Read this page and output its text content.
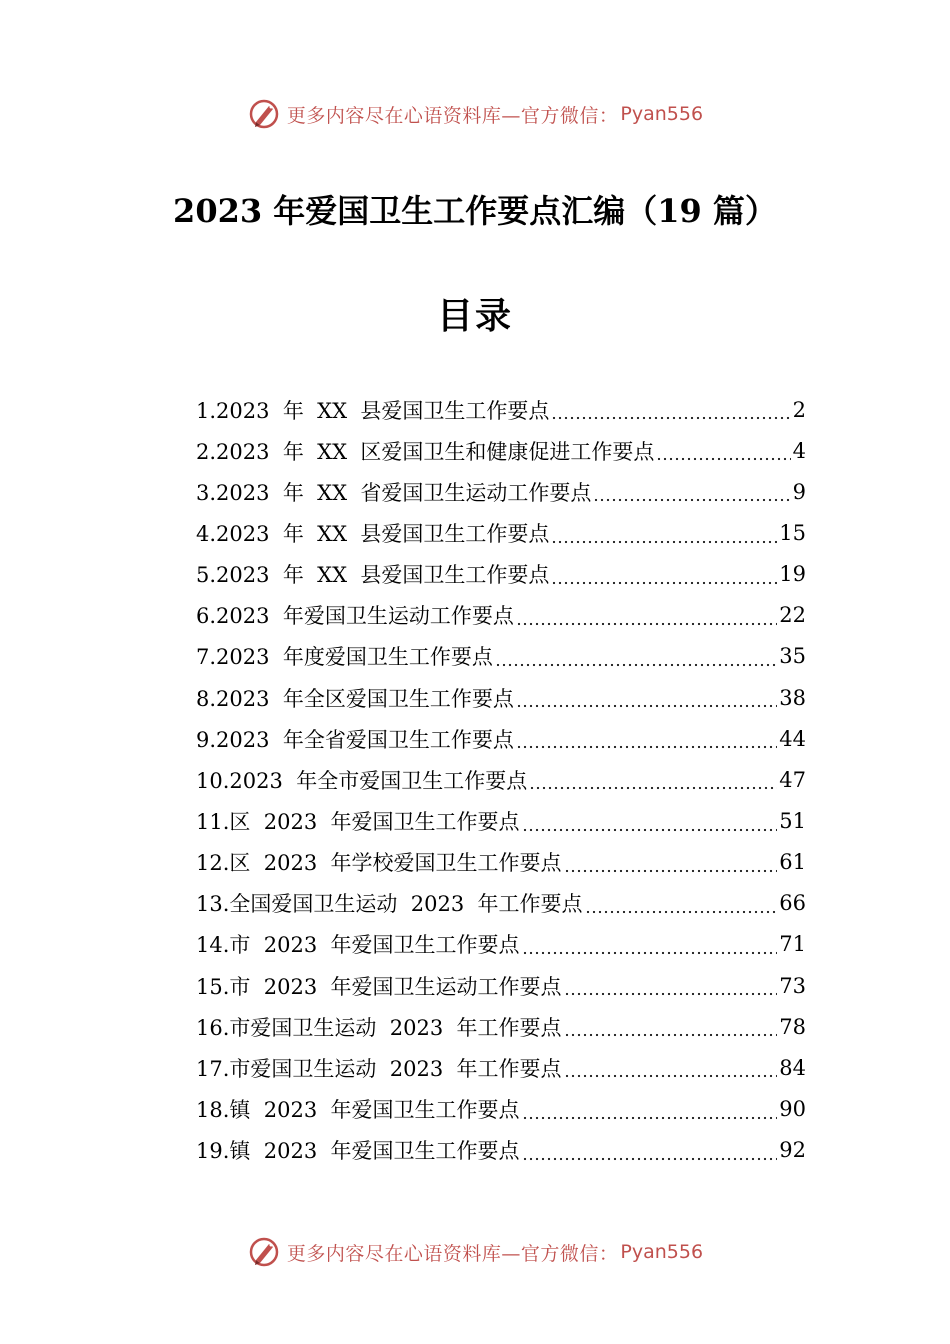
更多内容尽在心语资料库—官方微信： Pyan556
2023 年爱国卫生工作要点汇编（19 篇）
目录
1.2023  年  XX  县爱国卫生工作要点	2
2.2023  年  XX  区爱国卫生和健康促进工作要点	4
3.2023  年  XX  省爱国卫生运动工作要点	9
4.2023  年  XX  县爱国卫生工作要点	15
5.2023  年  XX  县爱国卫生工作要点	19
6.2023  年爱国卫生运动工作要点	22
7.2023  年度爱国卫生工作要点	35
8.2023  年全区爱国卫生工作要点	38
9.2023  年全省爱国卫生工作要点	44
10.2023  年全市爱国卫生工作要点	47
11.区  2023  年爱国卫生工作要点	51
12.区  2023  年学校爱国卫生工作要点	61
13.全国爱国卫生运动  2023  年工作要点	66
14.市  2023  年爱国卫生工作要点	71
15.市  2023  年爱国卫生运动工作要点	73
16.市爱国卫生运动  2023  年工作要点	78
17.市爱国卫生运动  2023  年工作要点	84
18.镇  2023  年爱国卫生工作要点	90
19.镇  2023  年爱国卫生工作要点	92
更多内容尽在心语资料库—官方微信： Pyan556
